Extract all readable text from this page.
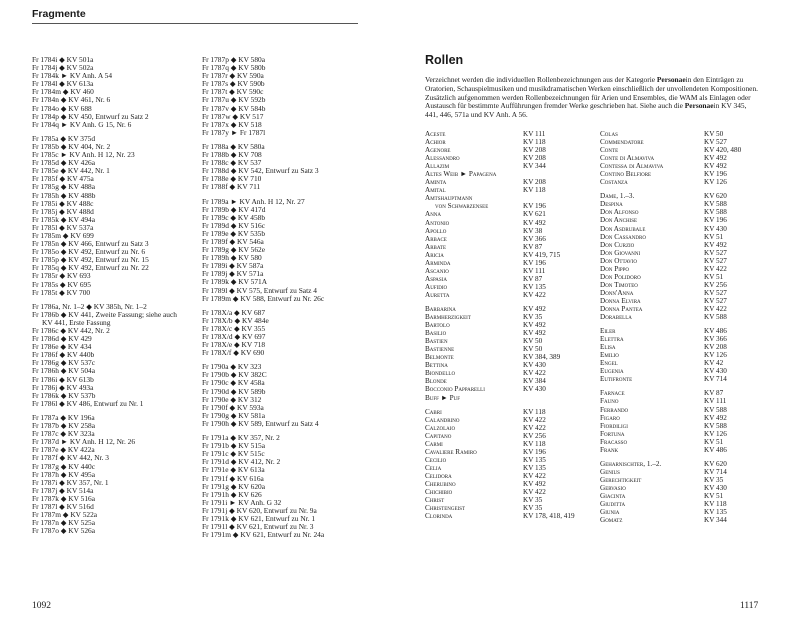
Fragmente
Fr 1784i ◆ KV 501a
Fr 1784j ◆ KV 502a
Fr 1784k ► KV Anh. A 54
Fr 1784l ◆ KV 613a
Fr 1784m ◆ KV 460
Fr 1784n ◆ KV 461, Nr. 6
Fr 1784o ◆ KV 688
Fr 1784p ◆ KV 450, Entwurf zu Satz 2
Fr 1784q ► KV Anh. G 15, Nr. 6
Fr 1785a ◆ KV 375d
Fr 1785b ◆ KV 404, Nr. 2
Fr 1785c ► KV Anh. H 12, Nr. 23
Fr 1785d ◆ KV 426a
Fr 1785e ◆ KV 442, Nr. 1
Fr 1785f ◆ KV 475a
Fr 1785g ◆ KV 488a
Fr 1785h ◆ KV 488b
Fr 1785i ◆ KV 488c
Fr 1785j ◆ KV 488d
Fr 1785k ◆ KV 494a
Fr 1785l ◆ KV 537a
Fr 1785m ◆ KV 699
Fr 1785n ◆ KV 466, Entwurf zu Satz 3
Fr 1785o ◆ KV 492, Entwurf zu Nr. 6
Fr 1785p ◆ KV 492, Entwurf zu Nr. 15
Fr 1785q ◆ KV 492, Entwurf zu Nr. 22
Fr 1785r ◆ KV 693
Fr 1785s ◆ KV 695
Fr 1785t ◆ KV 700
Fr 1786a, Nr. 1–2 ◆ KV 385h, Nr. 1–2
Fr 1786b ◆ KV 441, Zweite Fassung; siehe auch
KV 441, Erste Fassung
Fr 1786c ◆ KV 442, Nr. 2
Fr 1786d ◆ KV 429
Fr 1786e ◆ KV 434
Fr 1786f ◆ KV 440b
Fr 1786g ◆ KV 537c
Fr 1786h ◆ KV 504a
Fr 1786i ◆ KV 613b
Fr 1786j ◆ KV 493a
Fr 1786k ◆ KV 537b
Fr 1786l ◆ KV 486, Entwurf zu Nr. 1
Fr 1787a ◆ KV 196a
Fr 1787b ◆ KV 258a
Fr 1787c ◆ KV 323a
Fr 1787d ► KV Anh. H 12, Nr. 26
Fr 1787e ◆ KV 422a
Fr 1787f ◆ KV 442, Nr. 3
Fr 1787g ◆ KV 440c
Fr 1787h ◆ KV 495a
Fr 1787i ◆ KV 357, Nr. 1
Fr 1787j ◆ KV 514a
Fr 1787k ◆ KV 516a
Fr 1787l ◆ KV 516d
Fr 1787m ◆ KV 522a
Fr 1787n ◆ KV 525a
Fr 1787o ◆ KV 526a
Fr 1787p ◆ KV 580a
Fr 1787q ◆ KV 580b
Fr 1787r ◆ KV 590a
Fr 1787s ◆ KV 590b
Fr 1787t ◆ KV 590c
Fr 1787u ◆ KV 592b
Fr 1787v ◆ KV 584b
Fr 1787w ◆ KV 517
Fr 1787x ◆ KV 518
Fr 1787y ► Fr 1787l
Fr 1788a ◆ KV 580a
Fr 1788b ◆ KV 708
Fr 1788c ◆ KV 537
Fr 1788d ◆ KV 542, Entwurf zu Satz 3
Fr 1788e ◆ KV 710
Fr 1788f ◆ KV 711
Fr 1789a ► KV Anh. H 12, Nr. 27
Fr 1789b ◆ KV 417d
Fr 1789c ◆ KV 458b
Fr 1789d ◆ KV 516c
Fr 1789e ◆ KV 535b
Fr 1789f ◆ KV 546a
Fr 1789g ◆ KV 562e
Fr 1789h ◆ KV 580
Fr 1789i ◆ KV 587a
Fr 1789j ◆ KV 571a
Fr 1789k ◆ KV 571A
Fr 1789l ◆ KV 575, Entwurf zu Satz 4
Fr 1789m ◆ KV 588, Entwurf zu Nr. 26c
Fr 178X/a ◆ KV 687
Fr 178X/b ◆ KV 484e
Fr 178X/c ◆ KV 355
Fr 178X/d ◆ KV 697
Fr 178X/e ◆ KV 718
Fr 178X/f ◆ KV 690
Fr 1790a ◆ KV 323
Fr 1790b ◆ KV 382C
Fr 1790c ◆ KV 458a
Fr 1790d ◆ KV 589b
Fr 1790e ◆ KV 312
Fr 1790f ◆ KV 593a
Fr 1790g ◆ KV 581a
Fr 1790h ◆ KV 589, Entwurf zu Satz 4
Fr 1791a ◆ KV 357, Nr. 2
Fr 1791b ◆ KV 515a
Fr 1791c ◆ KV 515c
Fr 1791d ◆ KV 412, Nr. 2
Fr 1791e ◆ KV 613a
Fr 1791f ◆ KV 616a
Fr 1791g ◆ KV 620a
Fr 1791h ◆ KV 626
Fr 1791i ► KV Anh. G 32
Fr 1791j ◆ KV 620, Entwurf zu Nr. 9a
Fr 1791k ◆ KV 621, Entwurf zu Nr. 1
Fr 1791l ◆ KV 621, Entwurf zu Nr. 3
Fr 1791m ◆ KV 621, Entwurf zu Nr. 24a
1092
Rollen
Verzeichnet werden die individuellen Rollenbezeichnungen aus der Kategorie Personaein den Einträgen zu Oratorien, Schauspielmusiken und musikdramatischen Werken einschließlich der unvollendeten Kompositionen. Zusätzlich aufgenommen werden Rollenbezeichnungen für Arien und Ensembles, die WAM als Einlagen oder Austausch für bestimmte Aufführungen fremder Werke geschrieben hat. Siehe auch die Personaein KV 345, 441, 446, 571a und KV Anh. A 56.
Aceste	KV 111
Achior	KV 118
Agenore	KV 208
Alessandro	KV 208
Allazim	KV 344
Altes Weib ► Papagena
Aminta	KV 208
Amital	KV 118
Amtshauptmann
von Schwarzensee	KV 196
Anna	KV 621
Antonio	KV 492
Apollo	KV 38
Arbace	KV 366
Arbate	KV 87
Aricia	KV 419, 715
Arminda	KV 196
Ascanio	KV 111
Aspasia	KV 87
Aufidio	KV 135
Auretta	KV 422
Barbarina	KV 492
Barmherzigkeit	KV 35
Bartolo	KV 492
Basilio	KV 492
Bastien	KV 50
Bastienne	KV 50
Belmonte	KV 384, 389
Bettina	KV 430
Biondello	KV 422
Blonde	KV 384
Bocconio Papparelli	KV 430
Buff ► Puf
Cabri	KV 118
Calandrino	KV 422
Calzolaio	KV 422
Capitano	KV 256
Carmi	KV 118
Cavaliere Ramiro	KV 196
Cecilio	KV 135
Celia	KV 135
Celidora	KV 422
Cherubino	KV 492
Chichibio	KV 422
Christ	KV 35
Christengeist	KV 35
Clorinda	KV 178, 418, 419
Colas	KV 50
Commendatore	KV 527
Conte	KV 420, 480
Conte di Almaviva	KV 492
Contessa di Almaviva	KV 492
Contino Belfiore	KV 196
Costanza	KV 126
Dame, 1.–3.	KV 620
Despina	KV 588
Don Alfonso	KV 588
Don Anchise	KV 196
Don Asdrubale	KV 430
Don Cassandro	KV 51
Don Curzio	KV 492
Don Giovanni	KV 527
Don Ottavio	KV 527
Don Pippo	KV 422
Don Polidoro	KV 51
Don Timoteo	KV 256
Donn'Anna	KV 527
Donna Elvira	KV 527
Donna Pantea	KV 422
Dorabella	KV 588
Eiler	KV 486
Elettra	KV 366
Elisa	KV 208
Emilio	KV 126
Engel	KV 42
Eugenia	KV 430
Eutifronte	KV 714
Farnace	KV 87
Fauno	KV 111
Ferrando	KV 588
Figaro	KV 492
Fiordiligi	KV 588
Fortuna	KV 126
Fracasso	KV 51
Frank	KV 486
Geharnischter, 1.–2.	KV 620
Genius	KV 714
Gerechtigkeit	KV 35
Gervasio	KV 430
Giacinta	KV 51
Giuditta	KV 118
Giunia	KV 135
Gomatz	KV 344
1117
